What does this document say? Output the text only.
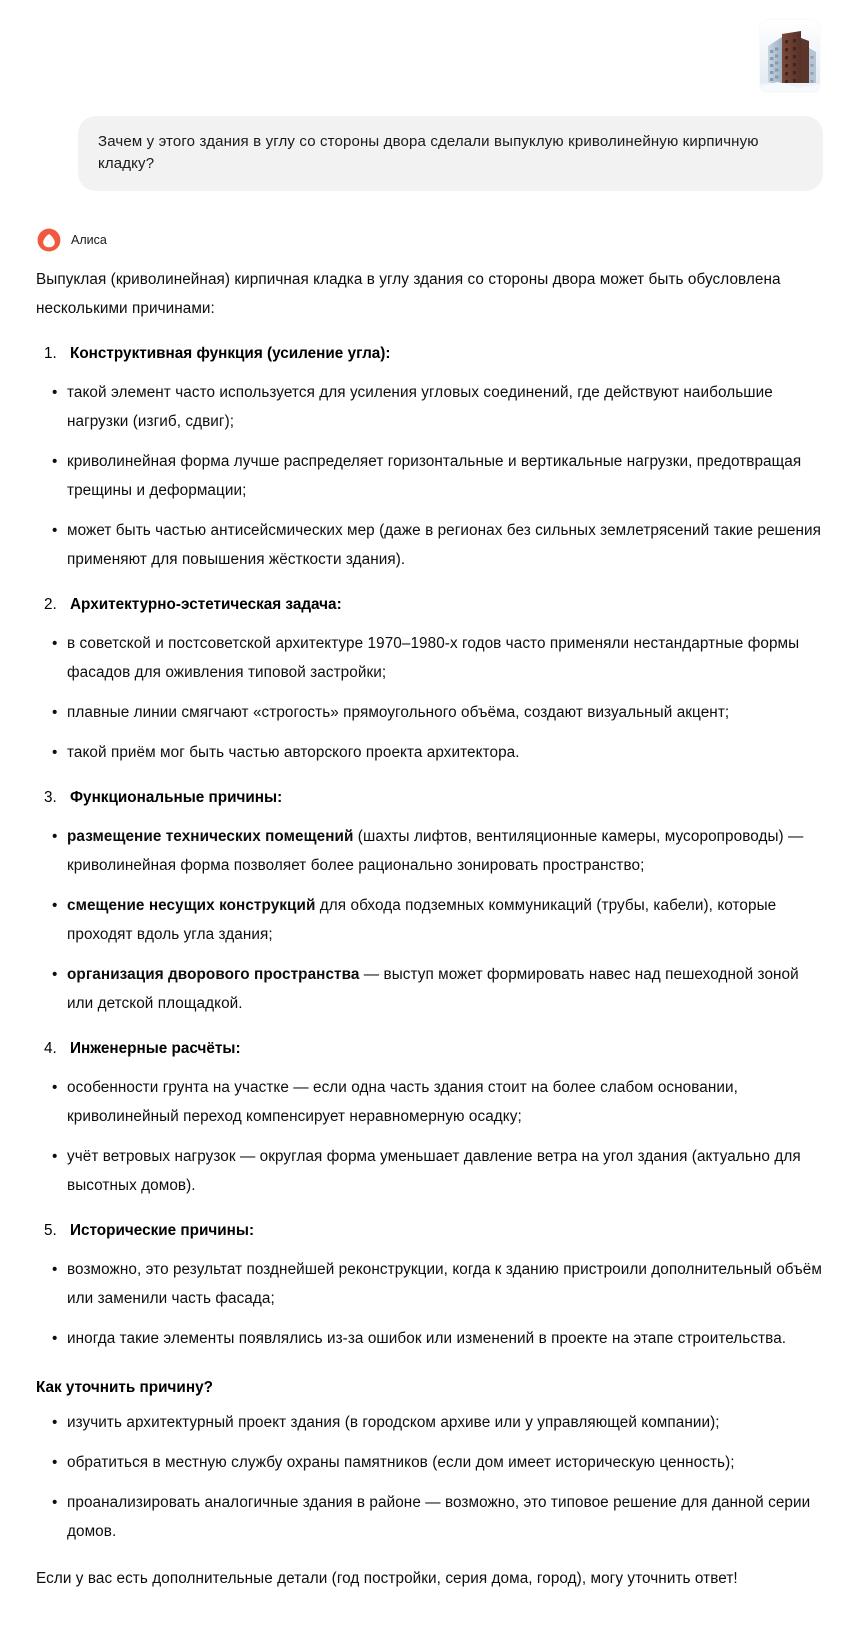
Зачем у этого здания в углу со стороны двора сделали выпуклую криволинейную кирпичную кладку?
Алиса

Выпуклая (криволинейная) кирпичная кладка в углу здания со стороны двора может быть обусловлена несколькими причинами:

Конструктивная функция (усиление угла):
• такой элемент часто используется для усиления угловых соединений, где действуют наибольшие нагрузки (изгиб, сдвиг);
• криволинейная форма лучше распределяет горизонтальные и вертикальные нагрузки, предотвращая трещины и деформации;
• может быть частью антисейсмических мер (даже в регионах без сильных землетрясений такие решения применяют для повышения жёсткости здания).
Архитектурно-эстетическая задача:
• в советской и постсоветской архитектуре 1970–1980-х годов часто применяли нестандартные формы фасадов для оживления типовой застройки;
• плавные линии смягчают «строгость» прямоугольного объёма, создают визуальный акцент;
• такой приём мог быть частью авторского проекта архитектора.
Функциональные причины:
• размещение технических помещений (шахты лифтов, вентиляционные камеры, мусоропроводы) — криволинейная форма позволяет более рационально зонировать пространство;
• смещение несущих конструкций для обхода подземных коммуникаций (трубы, кабели), которые проходят вдоль угла здания;
• организация дворового пространства — выступ может формировать навес над пешеходной зоной или детской площадкой.
Инженерные расчёты:
• особенности грунта на участке — если одна часть здания стоит на более слабом основании, криволинейный переход компенсирует неравномерную осадку;
• учёт ветровых нагрузок — округлая форма уменьшает давление ветра на угол здания (актуально для высотных домов).
Исторические причины:
• возможно, это результат позднейшей реконструкции, когда к зданию пристроили дополнительный объём или заменили часть фасада;
• иногда такие элементы появлялись из-за ошибок или изменений в проекте на этапе строительства.
Как уточнить причину?
• изучить архитектурный проект здания (в городском архиве или у управляющей компании);
• обратиться в местную службу охраны памятников (если дом имеет историческую ценность);
• проанализировать аналогичные здания в районе — возможно, это типовое решение для данной серии домов.

Если у вас есть дополнительные детали (год постройки, серия дома, город), могу уточнить ответ!
